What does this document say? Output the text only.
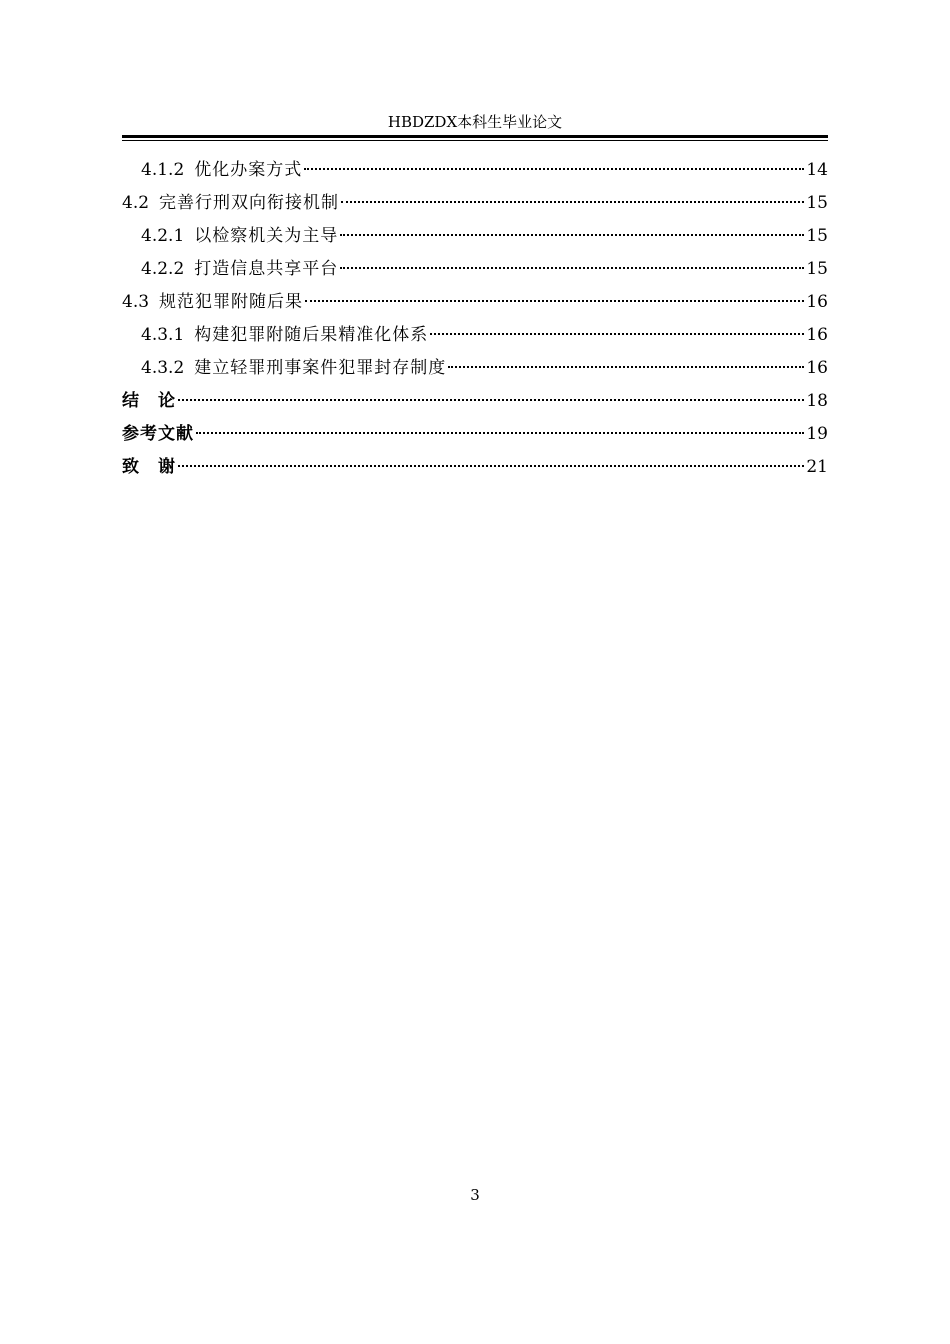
HBDZDX本科生毕业论文
4.1.2 优化办案方式	14
4.2 完善行刑双向衔接机制	15
4.2.1 以检察机关为主导	15
4.2.2 打造信息共享平台	15
4.3 规范犯罪附随后果	16
4.3.1 构建犯罪附随后果精准化体系	16
4.3.2 建立轻罪刑事案件犯罪封存制度	16
结　论	18
参考文献	19
致　谢	21
3
